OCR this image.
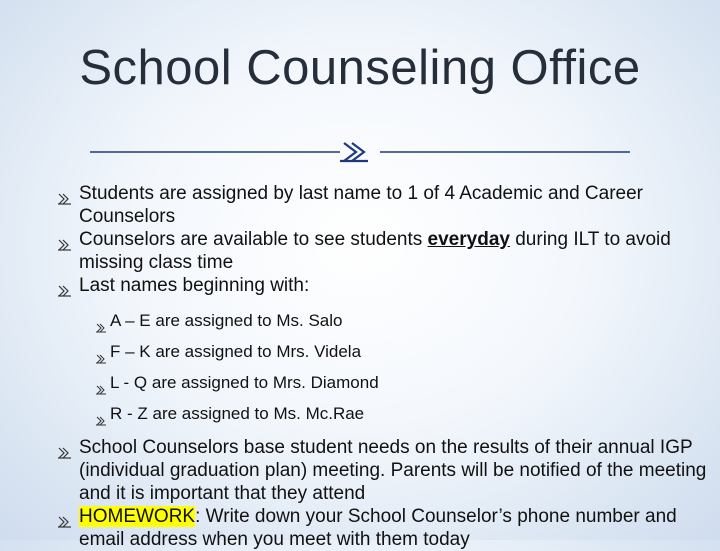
School Counseling Office
Students are assigned by last name to 1 of 4 Academic and Career Counselors
Counselors are available to see students everyday during ILT to avoid missing class time
Last names beginning with:
A – E are assigned to Ms. Salo
F – K are assigned to Mrs. Videla
L - Q are assigned to Mrs. Diamond
R - Z are assigned to Ms. Mc.Rae
School Counselors base student needs on the results of their annual IGP (individual graduation plan) meeting. Parents will be notified of the meeting and it is important that they attend
HOMEWORK: Write down your School Counselor’s phone number and email address when you meet with them today
